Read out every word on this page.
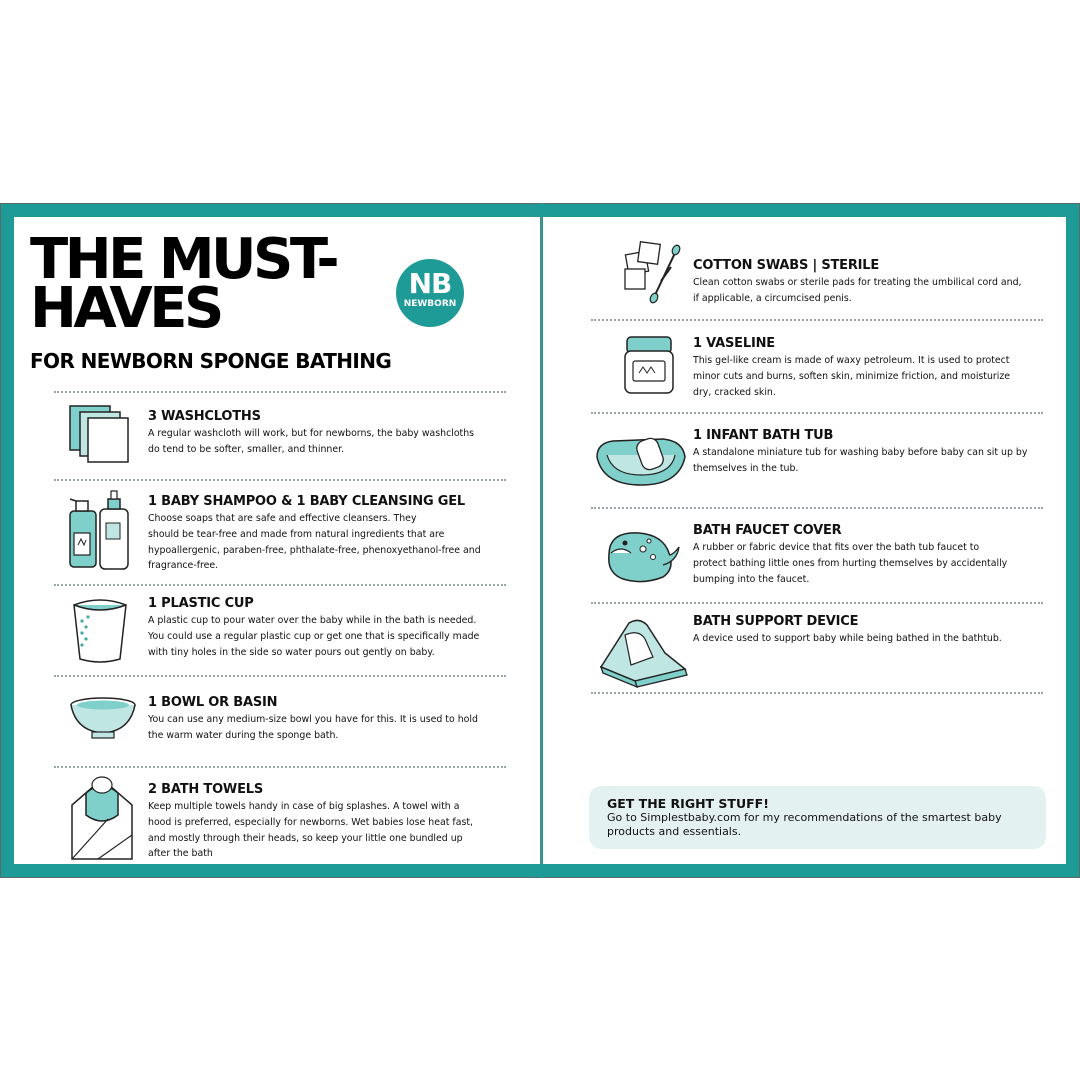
THE MUST-
HAVES
FOR NEWBORN SPONGE BATHING
NB
NEWBORN
3 WASHCLOTHS

A regular washcloth will work, but for newborns, the baby washcloths
do tend to be softer, smaller, and thinner.

1 BABY SHAMPOO & 1 BABY CLEANSING GEL

Choose soaps that are safe and effective cleansers. They
should be tear-free and made from natural ingredients that are
hypoallergenic, paraben-free, phthalate-free, phenoxyethanol-free and
fragrance-free.

1 PLASTIC CUP

A plastic cup to pour water over the baby while in the bath is needed.
You could use a regular plastic cup or get one that is specifically made
with tiny holes in the side so water pours out gently on baby.

1 BOWL OR BASIN

You can use any medium-size bowl you have for this. It is used to hold
the warm water during the sponge bath.

2 BATH TOWELS

Keep multiple towels handy in case of big splashes. A towel with a
hood is preferred, especially for newborns. Wet babies lose heat fast,
and mostly through their heads, so keep your little one bundled up
after the bath

COTTON SWABS | STERILE

Clean cotton swabs or sterile pads for treating the umbilical cord and,
if applicable, a circumcised penis.

1 VASELINE

This gel-like cream is made of waxy petroleum. It is used to protect
minor cuts and burns, soften skin, minimize friction, and moisturize
dry, cracked skin.

1 INFANT BATH TUB

A standalone miniature tub for washing baby before baby can sit up by
themselves in the tub.

BATH FAUCET COVER

A rubber or fabric device that fits over the bath tub faucet to
protect bathing little ones from hurting themselves by accidentally
bumping into the faucet.

BATH SUPPORT DEVICE

A device used to support baby while being bathed in the bathtub.

GET THE RIGHT STUFF!

Go to Simplestbaby.com for my recommendations of the smartest baby
products and essentials.
